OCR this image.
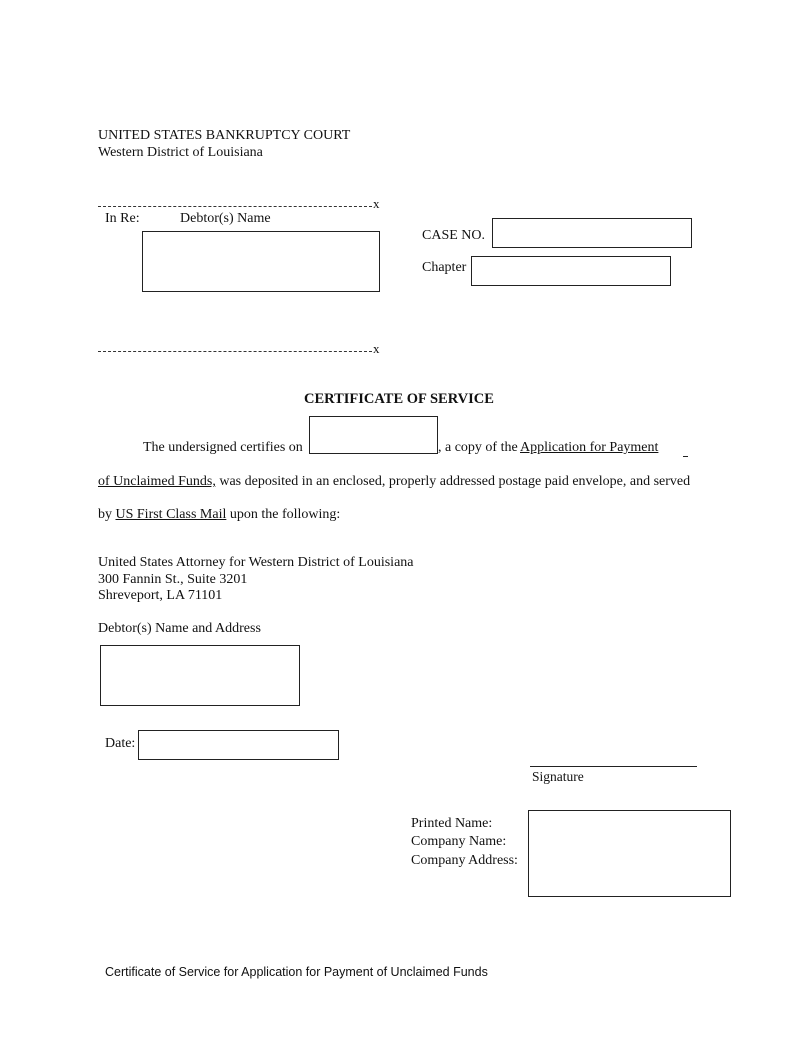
UNITED STATES BANKRUPTCY COURT
Western District of Louisiana
x
In Re:	Debtor(s) Name
CASE NO.
Chapter
x
CERTIFICATE OF SERVICE
The undersigned certifies on	, a copy of the Application for Payment
of Unclaimed Funds, was deposited in an enclosed, properly addressed postage paid envelope, and served
by US First Class Mail upon the following:
United States Attorney for Western District of Louisiana
300 Fannin St., Suite 3201
Shreveport, LA 71101
Debtor(s) Name and Address
Date:
Signature
Printed Name:
Company Name:
Company Address:
Certificate of Service for Application for Payment of Unclaimed Funds
